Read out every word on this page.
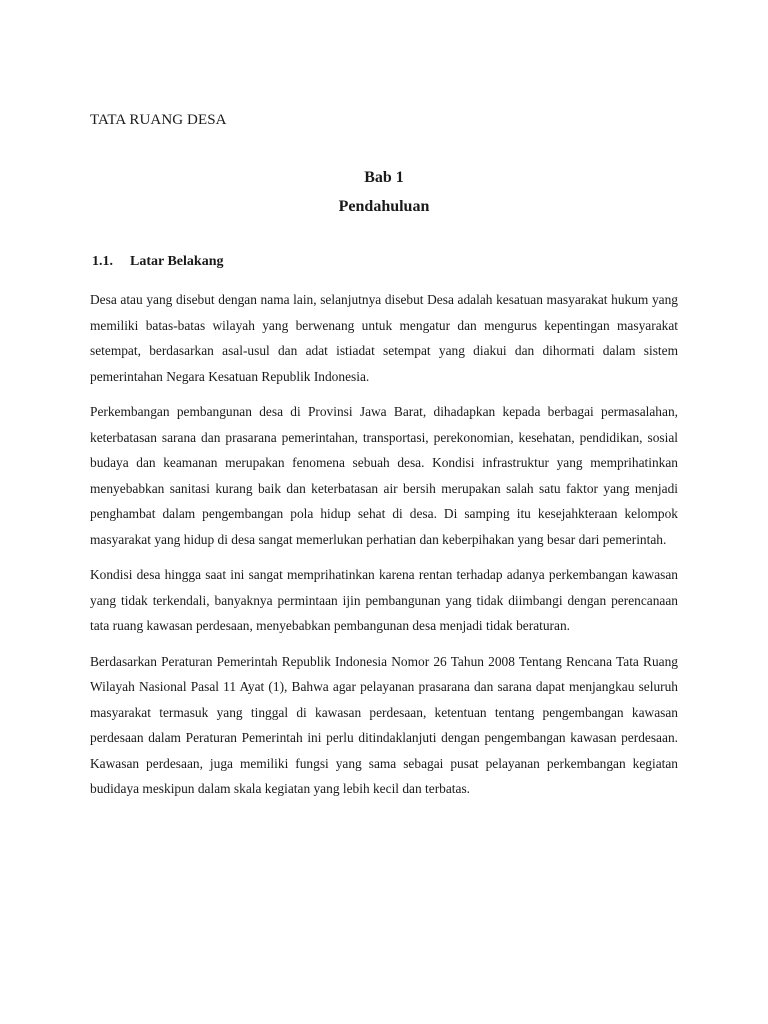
TATA RUANG DESA
Bab 1
Pendahuluan
1.1. Latar Belakang

Desa atau yang disebut dengan nama lain, selanjutnya disebut Desa adalah kesatuan masyarakat hukum yang memiliki batas-batas wilayah yang berwenang untuk mengatur dan mengurus kepentingan masyarakat setempat, berdasarkan asal-usul dan adat istiadat setempat yang diakui dan dihormati dalam sistem pemerintahan Negara Kesatuan Republik Indonesia.

Perkembangan pembangunan desa di Provinsi Jawa Barat, dihadapkan kepada berbagai permasalahan, keterbatasan sarana dan prasarana pemerintahan, transportasi, perekonomian, kesehatan, pendidikan, sosial budaya dan keamanan merupakan fenomena sebuah desa. Kondisi infrastruktur yang memprihatinkan menyebabkan sanitasi kurang baik dan keterbatasan air bersih merupakan salah satu faktor yang menjadi penghambat dalam pengembangan pola hidup sehat di desa. Di samping itu kesejahkteraan kelompok masyarakat yang hidup di desa sangat memerlukan perhatian dan keberpihakan yang besar dari pemerintah.

Kondisi desa hingga saat ini sangat memprihatinkan karena rentan terhadap adanya perkembangan kawasan yang tidak terkendali, banyaknya permintaan ijin pembangunan yang tidak diimbangi dengan perencanaan tata ruang kawasan perdesaan, menyebabkan pembangunan desa menjadi tidak beraturan.

Berdasarkan Peraturan Pemerintah Republik Indonesia Nomor 26 Tahun 2008 Tentang Rencana Tata Ruang Wilayah Nasional Pasal 11 Ayat (1), Bahwa agar pelayanan prasarana dan sarana dapat menjangkau seluruh masyarakat termasuk yang tinggal di kawasan perdesaan, ketentuan tentang pengembangan kawasan perdesaan dalam Peraturan Pemerintah ini perlu ditindaklanjuti dengan pengembangan kawasan perdesaan. Kawasan perdesaan, juga memiliki fungsi yang sama sebagai pusat pelayanan perkembangan kegiatan budidaya meskipun dalam skala kegiatan yang lebih kecil dan terbatas.
